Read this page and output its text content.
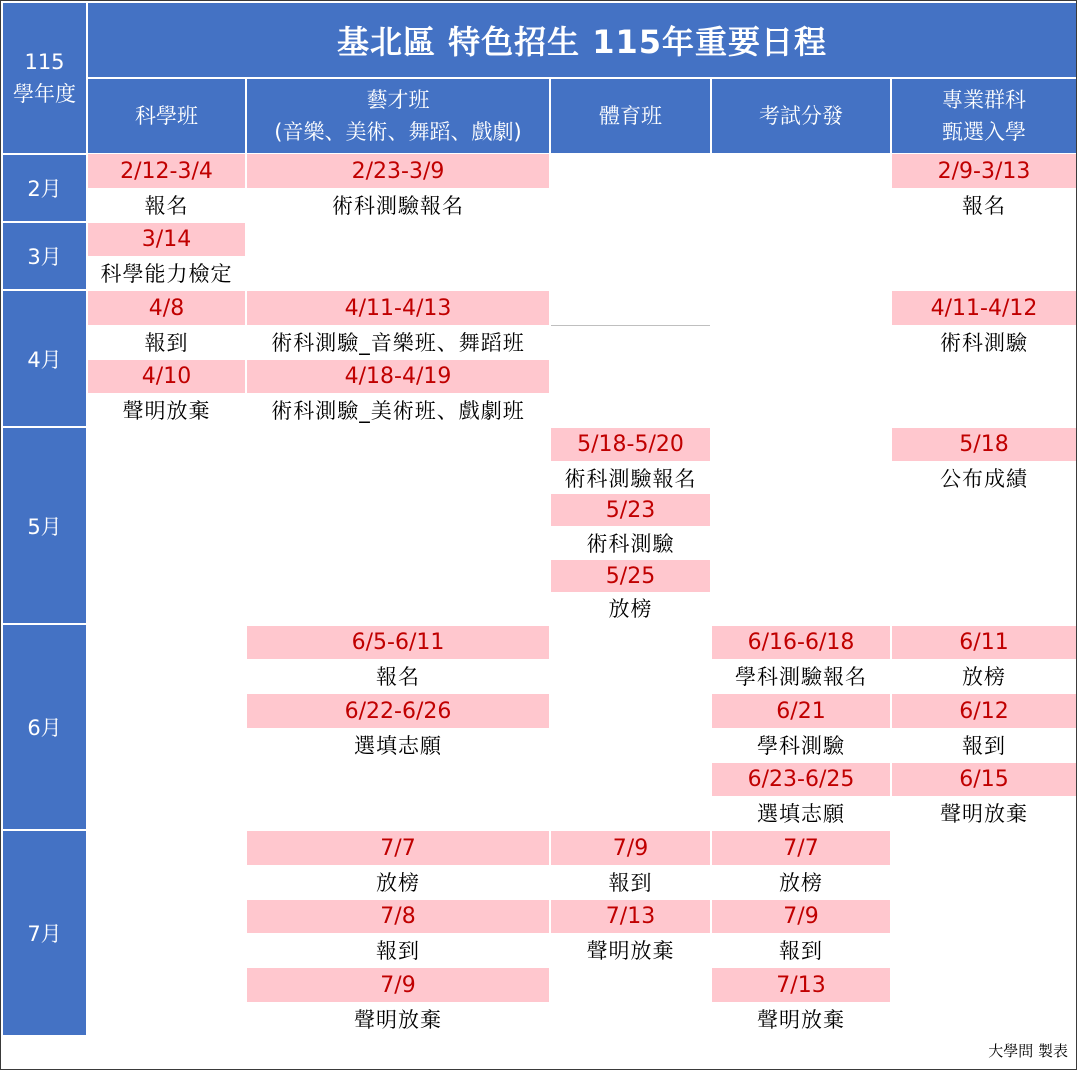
基北區 特色招生 115年重要日程
115
學年度
科學班
藝才班
(音樂、美術、舞蹈、戲劇)
體育班	考試分發
專業群科
甄選入學
2月
3月
4月
5月
6月
7月
2/12-3/4
報名
2/23-3/9
術科測驗報名
2/9-3/13
報名
3/14
科學能力檢定
4/8
報到
4/11-4/13
術科測驗_音樂班、舞蹈班
4/11-4/12
術科測驗
4/10
聲明放棄
4/18-4/19
術科測驗_美術班、戲劇班
5/18-5/20
術科測驗報名
5/18
公布成績
5/23
術科測驗
5/25
放榜
6/5-6/11
報名
6/16-6/18
學科測驗報名
6/11
放榜
6/22-6/26
選填志願
6/21
學科測驗
6/12
報到
6/23-6/25
選填志願
6/15
聲明放棄
7/7
放榜
7/9
報到
7/7
放榜
7/8
報到
7/13
聲明放棄
7/9
報到
7/9
聲明放棄
7/13
聲明放棄
大學問 製表
